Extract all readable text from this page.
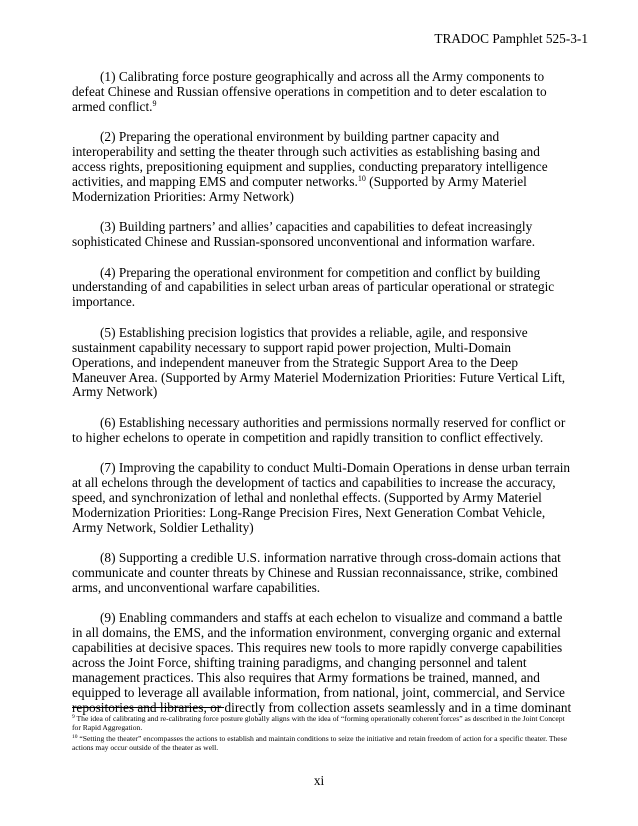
TRADOC Pamphlet 525-3-1

(1) Calibrating force posture geographically and across all the Army components to defeat Chinese and Russian offensive operations in competition and to deter escalation to armed conflict.$^9$

(2) Preparing the operational environment by building partner capacity and interoperability and setting the theater through such activities as establishing basing and access rights, prepositioning equipment and supplies, conducting preparatory intelligence activities, and mapping EMS and computer networks.$^{10}$ (Supported by Army Materiel Modernization Priorities: Army Network)

(3) Building partners’ and allies’ capacities and capabilities to defeat increasingly sophisticated Chinese and Russian-sponsored unconventional and information warfare.

(4) Preparing the operational environment for competition and conflict by building understanding of and capabilities in select urban areas of particular operational or strategic importance.

(5) Establishing precision logistics that provides a reliable, agile, and responsive sustainment capability necessary to support rapid power projection, Multi-Domain Operations, and independent maneuver from the Strategic Support Area to the Deep Maneuver Area. (Supported by Army Materiel Modernization Priorities: Future Vertical Lift, Army Network)

(6) Establishing necessary authorities and permissions normally reserved for conflict or to higher echelons to operate in competition and rapidly transition to conflict effectively.

(7) Improving the capability to conduct Multi-Domain Operations in dense urban terrain at all echelons through the development of tactics and capabilities to increase the accuracy, speed, and synchronization of lethal and nonlethal effects. (Supported by Army Materiel Modernization Priorities: Long-Range Precision Fires, Next Generation Combat Vehicle, Army Network, Soldier Lethality)

(8) Supporting a credible U.S. information narrative through cross-domain actions that communicate and counter threats by Chinese and Russian reconnaissance, strike, combined arms, and unconventional warfare capabilities.

(9) Enabling commanders and staffs at each echelon to visualize and command a battle in all domains, the EMS, and the information environment, converging organic and external capabilities at decisive spaces. This requires new tools to more rapidly converge capabilities across the Joint Force, shifting training paradigms, and changing personnel and talent management practices. This also requires that Army formations be trained, manned, and equipped to leverage all available information, from national, joint, commercial, and Service repositories and libraries, or directly from collection assets seamlessly and in a time dominant

$^9$ The idea of calibrating and re-calibrating force posture globally aligns with the idea of “forming operationally coherent forces” as described in the Joint Concept for Rapid Aggregation.

$^{10}$ “Setting the theater” encompasses the actions to establish and maintain conditions to seize the initiative and retain freedom of action for a specific theater. These actions may occur outside of the theater as well.

xi
